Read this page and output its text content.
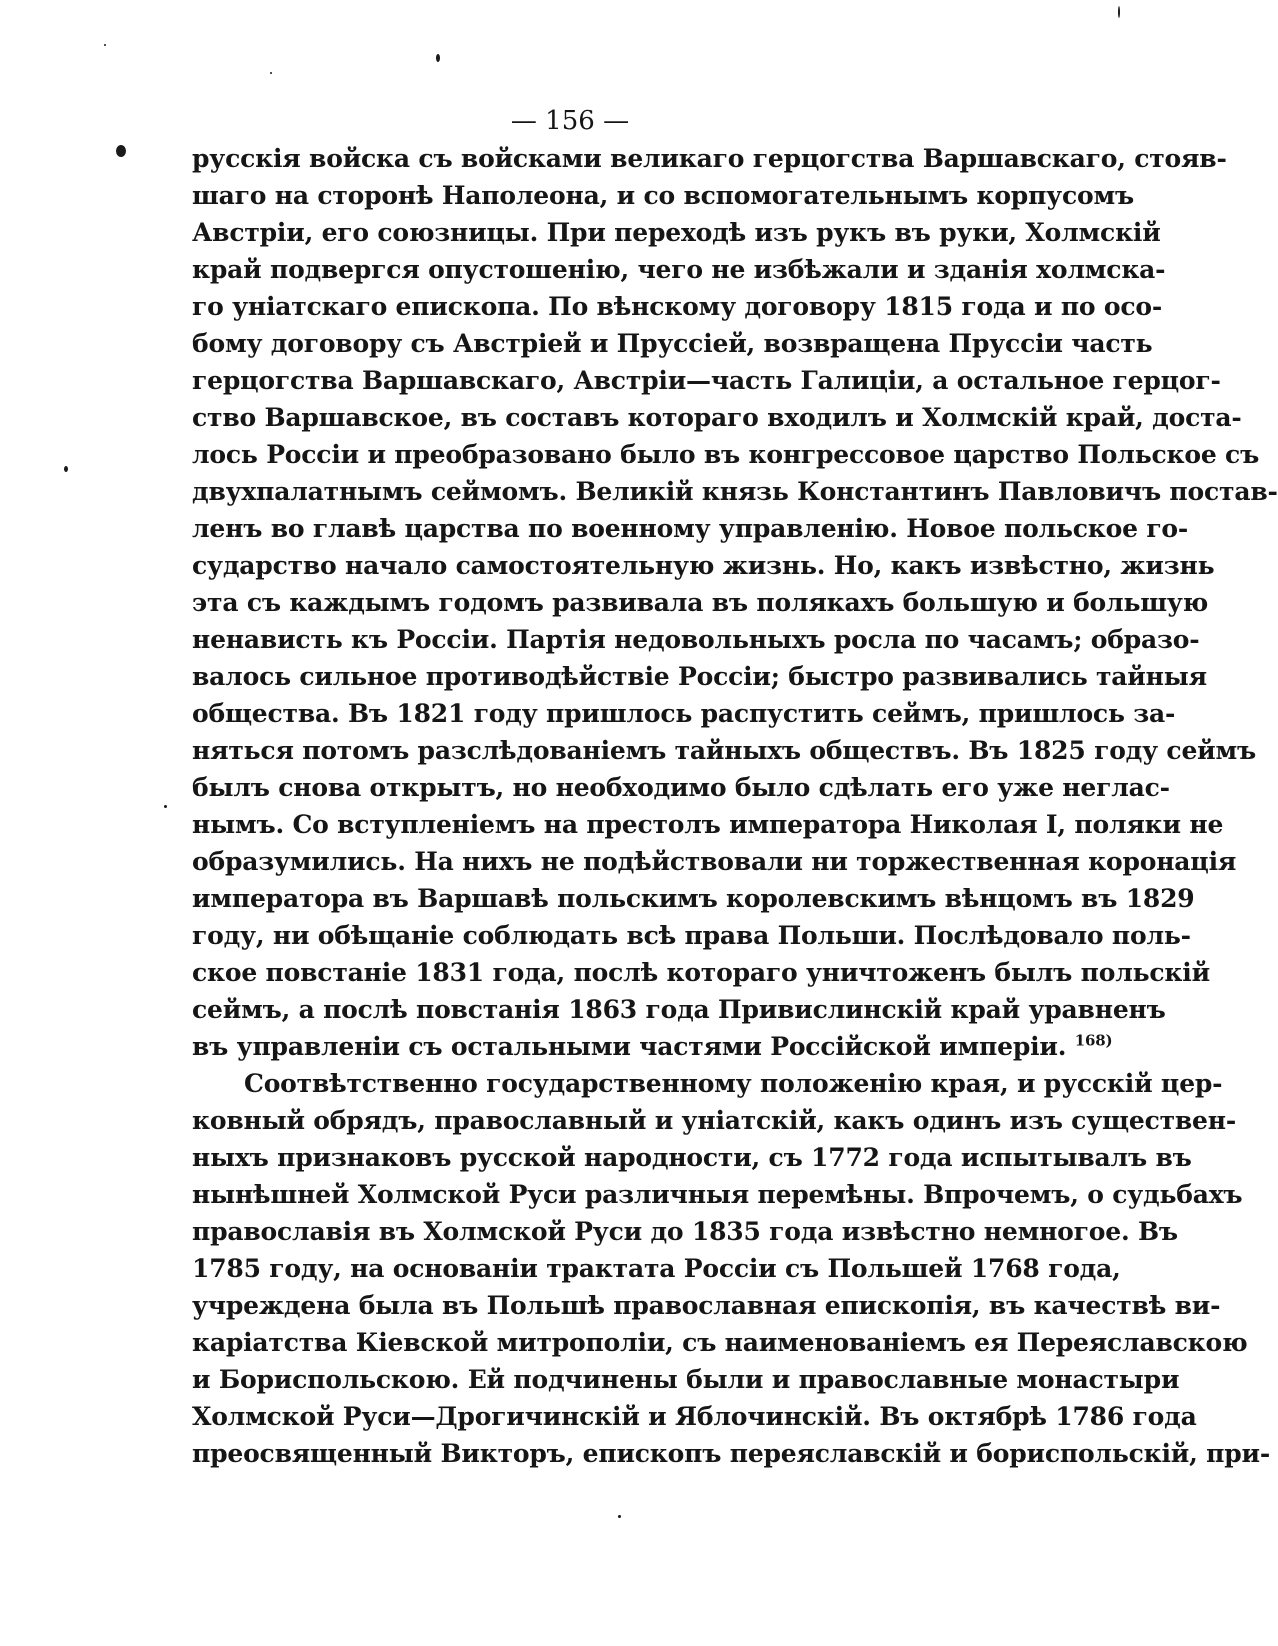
— 156 —
русскія войска съ войсками великаго герцогства Варшавскаго, стояв-
шаго на сторонѣ Наполеона, и со вспомогательнымъ корпусомъ
Австріи, его союзницы. При переходѣ изъ рукъ въ руки, Холмскій
край подвергся опустошенію, чего не избѣжали и зданія холмска-
го уніатскаго епископа. По вѣнскому договору 1815 года и по осо-
бому договору съ Австріей и Пруссіей, возвращена Пруссіи часть
герцогства Варшавскаго, Австріи—часть Галиціи, а остальное герцог-
ство Варшавское, въ составъ котораго входилъ и Холмскій край, доста-
лось Россіи и преобразовано было въ конгрессовое царство Польское съ
двухпалатнымъ сеймомъ. Великій князь Константинъ Павловичъ постав-
ленъ во главѣ царства по военному управленію. Новое польское го-
сударство начало самостоятельную жизнь. Но, какъ извѣстно, жизнь
эта съ каждымъ годомъ развивала въ полякахъ большую и большую
ненависть къ Россіи. Партія недовольныхъ росла по часамъ; образо-
валось сильное противодѣйствіе Россіи; быстро развивались тайныя
общества. Въ 1821 году пришлось распустить сеймъ, пришлось за-
няться потомъ разслѣдованіемъ тайныхъ обществъ. Въ 1825 году сеймъ
былъ снова открытъ, но необходимо было сдѣлать его уже неглас-
нымъ. Со вступленіемъ на престолъ императора Николая I, поляки не
образумились. На нихъ не подѣйствовали ни торжественная коронація
императора въ Варшавѣ польскимъ королевскимъ вѣнцомъ въ 1829
году, ни обѣщаніе соблюдать всѣ права Польши. Послѣдовало поль-
ское повстаніе 1831 года, послѣ котораго уничтоженъ былъ польскій
сеймъ, а послѣ повстанія 1863 года Привислинскій край уравненъ
въ управленіи съ остальными частями Россійской имперіи. $^{168)}$
Соотвѣтственно государственному положенію края, и русскій цер-
ковный обрядъ, православный и уніатскій, какъ одинъ изъ существен-
ныхъ признаковъ русской народности, съ 1772 года испытывалъ въ
нынѣшней Холмской Руси различныя перемѣны. Впрочемъ, о судьбахъ
православія въ Холмской Руси до 1835 года извѣстно немногое. Въ
1785 году, на основаніи трактата Россіи съ Польшей 1768 года,
учреждена была въ Польшѣ православная епископія, въ качествѣ ви-
каріатства Кіевской митрополіи, съ наименованіемъ ея Переяславскою
и Бориспольскою. Ей подчинены были и православные монастыри
Холмской Руси—Дрогичинскій и Яблочинскій. Въ октябрѣ 1786 года
преосвященный Викторъ, епископъ переяславскій и бориспольскій, при-
